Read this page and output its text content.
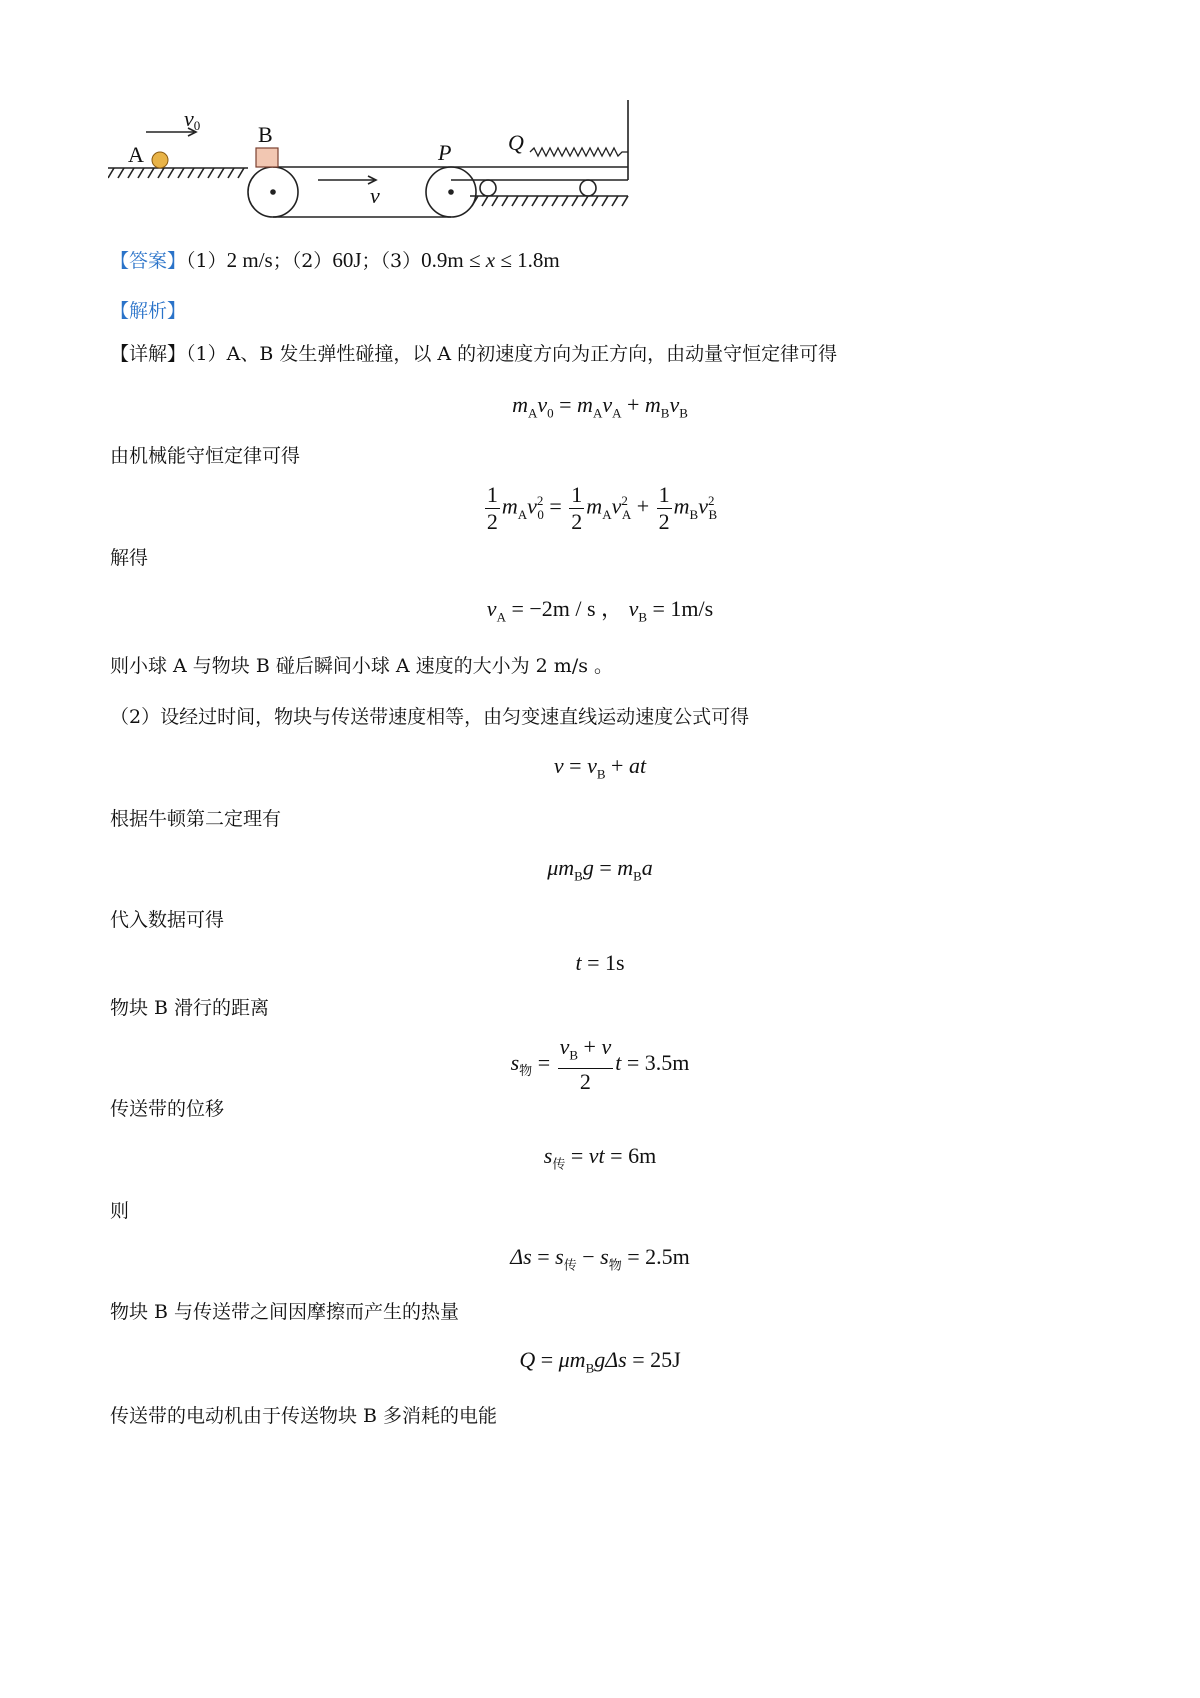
v0
A
B
v
P	Q
【答案】（1）2 m/s；（2）60J；（3）0.9m ≤ x ≤ 1.8m
【解析】
【详解】（1）A、B 发生弹性碰撞，以 A 的初速度方向为正方向，由动量守恒定律可得
$m_Av_0 = m_Av_A + m_Bv_B$
由机械能守恒定律可得
$\frac{1}{2} m_Av^2_0 = \frac{1}{2} m_Av^2_A + \frac{1}{2} m_Bv^2_B$
解得
$v_A = -2m / s$ ， $v_B = 1m/s$
则小球 A 与物块 B 碰后瞬间小球 A 速度的大小为 2 m/s 。
（2）设经过时间，物块与传送带速度相等，由匀变速直线运动速度公式可得
$v = v_B$ + at
根据牛顿第二定理有
$\mu m_Bg = m_Ba$
代入数据可得
t = 1s
物块 B 滑行的距离
$s_物 = \frac{v_B + v}{2}$ t = 3.5m
传送带的位移
$s_传$ = vt = 6m
则
$\Delta s = s_传 - s_物 = 2.5m$
物块 B 与传送带之间因摩擦而产生的热量
$Q = \mu m_Bg\Delta s = 25J$
传送带的电动机由于传送物块 B 多消耗的电能
